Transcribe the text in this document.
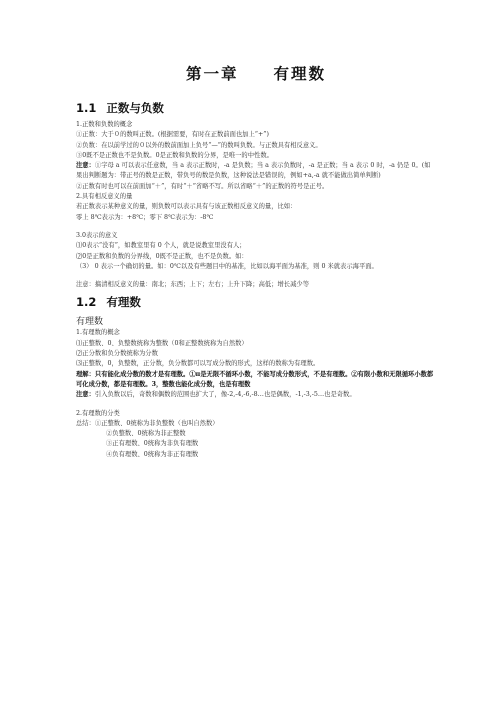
第一章　　有理数
1.1 正数与负数

1.正数和负数的概念

①正数：大于０的数叫正数。(根据需要，有时在正数前面也加上“+”)

②负数：在以前学过的０以外的数前面加上负号“—”的数叫负数。与正数具有相反意义。

③0既不是正数也不是负数。0是正数和负数的分界，是唯一的中性数。

注意：①字母 a 可以表示任意数，当 a 表示正数时，-a 是负数；当 a 表示负数时，-a 是正数；当 a 表示 0 时，-a 仍是 0。(如果出判断题为：带正号的数是正数，带负号的数是负数，这种说法是错误的，例如+a,-a 就不能做出简单判断)

②正数有时也可以在前面加“＋”，有时“＋”省略不写。所以省略“＋”的正数的符号是正号。

2.具有相反意义的量

若正数表示某种意义的量，则负数可以表示具有与该正数相反意义的量，比如：

零上 8℃表示为：+8℃；零下 8℃表示为：-8℃

3.0表示的意义

⑴0表示“没有”，如教室里有 0 个人，就是说教室里没有人；

⑵0是正数和负数的分界线，0既不是正数，也不是负数。如：

（3） 0 表示一个确切的量。如：0℃以及有些题目中的基准，比如以海平面为基准，则 0 米就表示海平面。

注意：搞清相反意义的量：南北；东西；上下；左右；上升下降；高低；增长减少等

1.2 有理数
有理数

1.有理数的概念

⑴正整数、0、负整数统称为整数（0和正整数统称为自然数）

⑵正分数和负分数统称为分数

⑶正整数，0，负整数，正分数，负分数都可以写成分数的形式，这样的数称为有理数。

理解：只有能化成分数的数才是有理数。①π是无限不循环小数，不能写成分数形式，不是有理数。②有限小数和无限循环小数都可化成分数，都是有理数。3，整数也能化成分数，也是有理数

注意：引入负数以后，奇数和偶数的范围也扩大了，像-2,-4,-6,-8…也是偶数，-1,-3,-5…也是奇数。

2.有理数的分类

总结：①正整数、0统称为非负整数（也叫自然数）

②负整数、0统称为非正整数

③正有理数、0统称为非负有理数

④负有理数、0统称为非正有理数
